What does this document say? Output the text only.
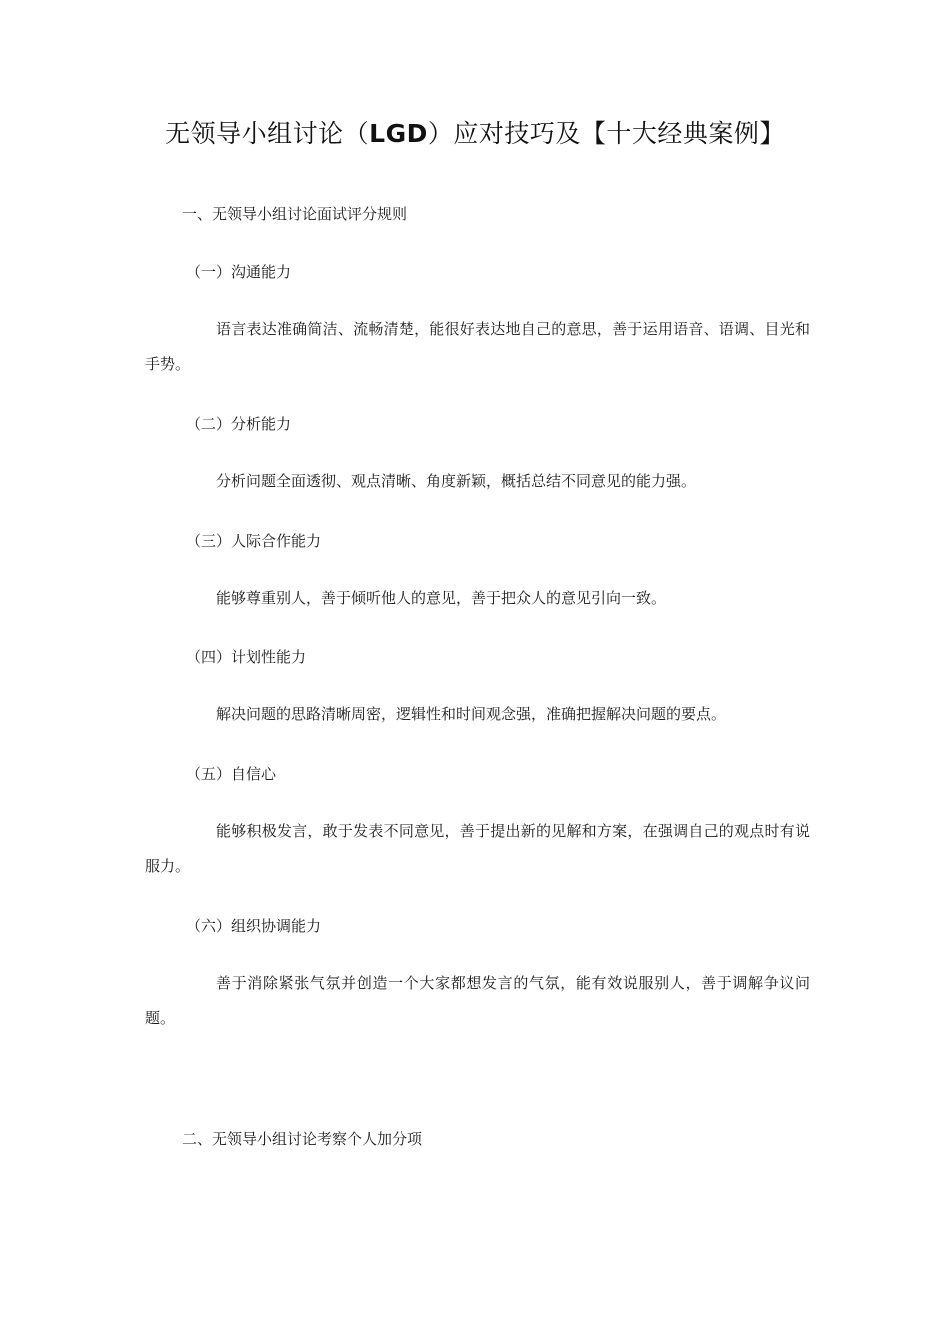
无领导小组讨论（LGD）应对技巧及【十大经典案例】
一、无领导小组讨论面试评分规则
（一）沟通能力
语言表达准确简洁、流畅清楚，能很好表达地自己的意思，善于运用语音、语调、目光和手势。
（二）分析能力
分析问题全面透彻、观点清晰、角度新颖，概括总结不同意见的能力强。
（三）人际合作能力
能够尊重别人，善于倾听他人的意见，善于把众人的意见引向一致。
（四）计划性能力
解决问题的思路清晰周密，逻辑性和时间观念强，准确把握解决问题的要点。
（五）自信心
能够积极发言，敢于发表不同意见，善于提出新的见解和方案，在强调自己的观点时有说服力。
（六）组织协调能力
善于消除紧张气氛并创造一个大家都想发言的气氛，能有效说服别人，善于调解争议问题。
二、无领导小组讨论考察个人加分项
